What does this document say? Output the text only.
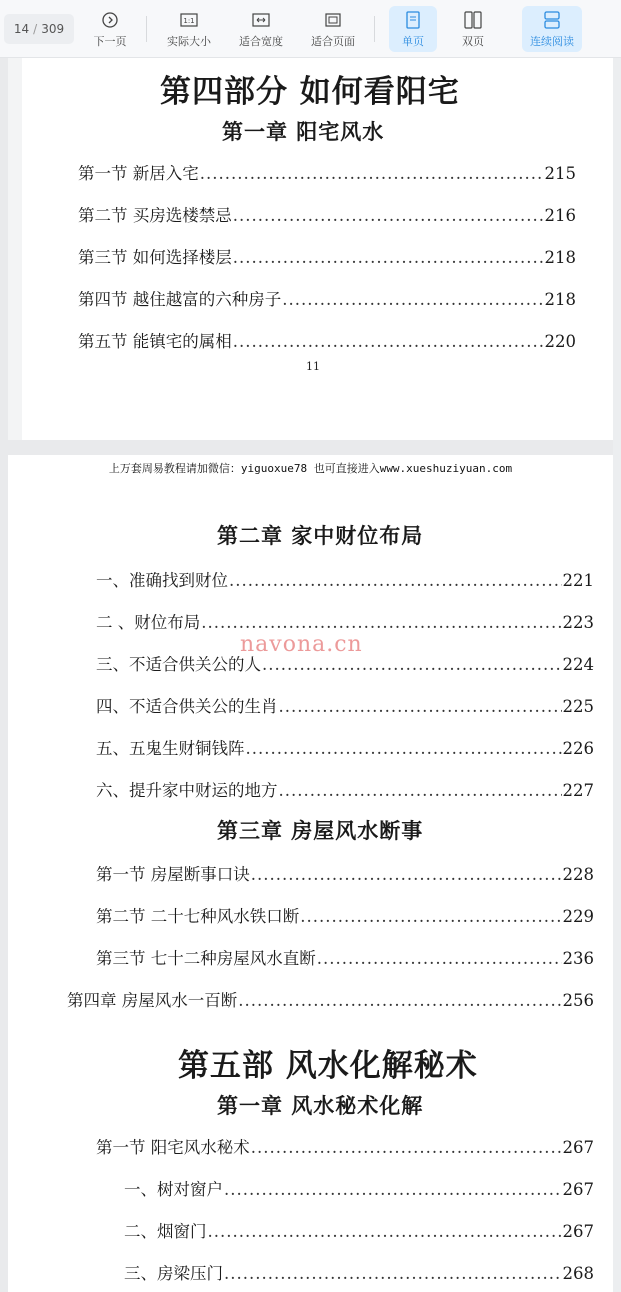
14 / 309
下一页
1:1
实际大小	适合宽度	适合页面	单页	双页	连续阅读
第四部分 如何看阳宅
第一章 阳宅风水
第一节 新居入宅 .....	215
第二节 买房选楼禁忌 .....	216
第三节 如何选择楼层 .....	218
第四节 越住越富的六种房子 .....	218
第五节 能镇宅的属相 .....	220
11
上万套周易教程请加微信：yiguoxue78 也可直接进入www.xueshuziyuan.com
第二章 家中财位布局
一、准确找到财位 .....	221
二 、财位布局 .....	223
三、不适合供关公的人 .....	224
四、不适合供关公的生肖 .....	225
五、五鬼生财铜钱阵 .....	226
六、提升家中财运的地方 .....	227
第三章 房屋风水断事
第一节 房屋断事口诀 .....	228
第二节 二十七种风水铁口断 .....	229
第三节 七十二种房屋风水直断 .....	236
第四章 房屋风水一百断 .....	256
第五部 风水化解秘术
第一章 风水秘术化解
第一节 阳宅风水秘术 .....	267
一、树对窗户 .....	267
二、烟窗门 .....	267
三、房梁压门 .....	268
navona.cn
